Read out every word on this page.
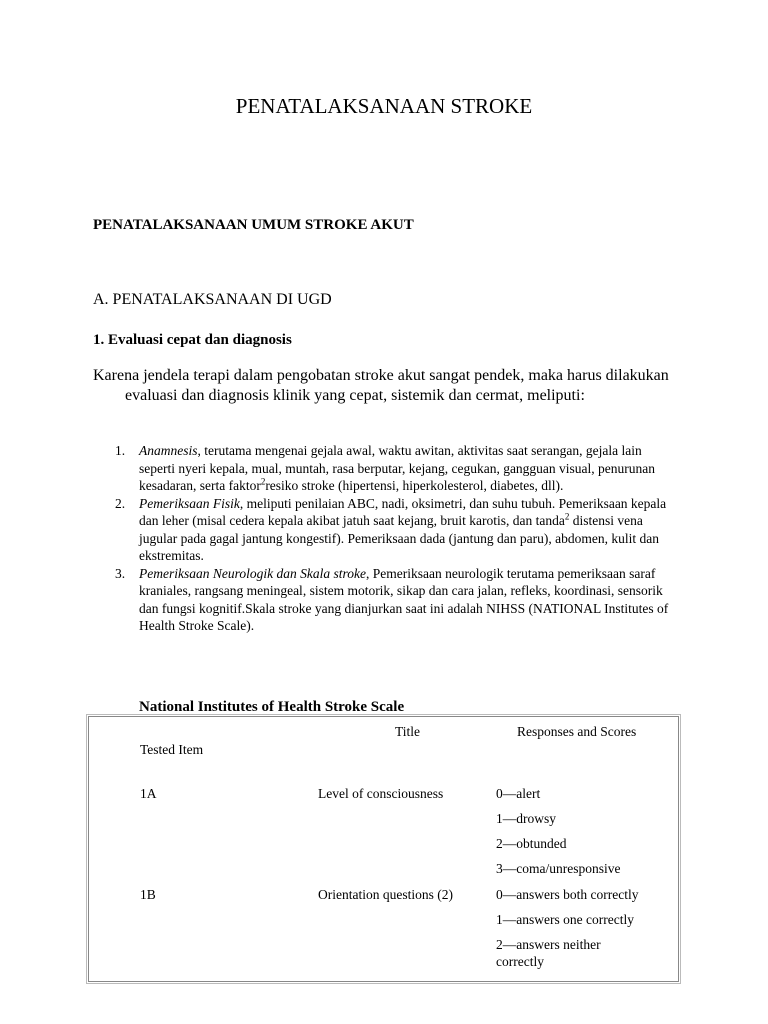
PENATALAKSANAAN STROKE
PENATALAKSANAAN UMUM STROKE AKUT
A. PENATALAKSANAAN DI UGD
1. Evaluasi cepat dan diagnosis

Karena jendela terapi dalam pengobatan stroke akut sangat pendek, maka harus dilakukan evaluasi dan diagnosis klinik yang cepat, sistemik dan cermat, meliputi:

1. Anamnesis, terutama mengenai gejala awal, waktu awitan, aktivitas saat serangan, gejala lain seperti nyeri kepala, mual, muntah, rasa berputar, kejang, cegukan, gangguan visual, penurunan kesadaran, serta faktor$^2$resiko stroke (hipertensi, hiperkolesterol, diabetes, dll).
2. Pemeriksaan Fisik, meliputi penilaian ABC, nadi, oksimetri, dan suhu tubuh. Pemeriksaan kepala dan leher (misal cedera kepala akibat jatuh saat kejang, bruit karotis, dan tanda$^2$ distensi vena jugular pada gagal jantung kongestif). Pemeriksaan dada (jantung dan paru), abdomen, kulit dan ekstremitas.
3. Pemeriksaan Neurologik dan Skala stroke, Pemeriksaan neurologik terutama pemeriksaan saraf kraniales, rangsang meningeal, sistem motorik, sikap dan cara jalan, refleks, koordinasi, sensorik dan fungsi kognitif.Skala stroke yang dianjurkan saat ini adalah NIHSS (NATIONAL Institutes of Health Stroke Scale).
National Institutes of Health Stroke Scale
Title	Responses and Scores
Tested Item
1A	Level of consciousness	0—alert
1—drowsy
2—obtunded
3—coma/unresponsive
1B	Orientation questions (2)	0—answers both correctly
1—answers one correctly
2—answers neither correctly
